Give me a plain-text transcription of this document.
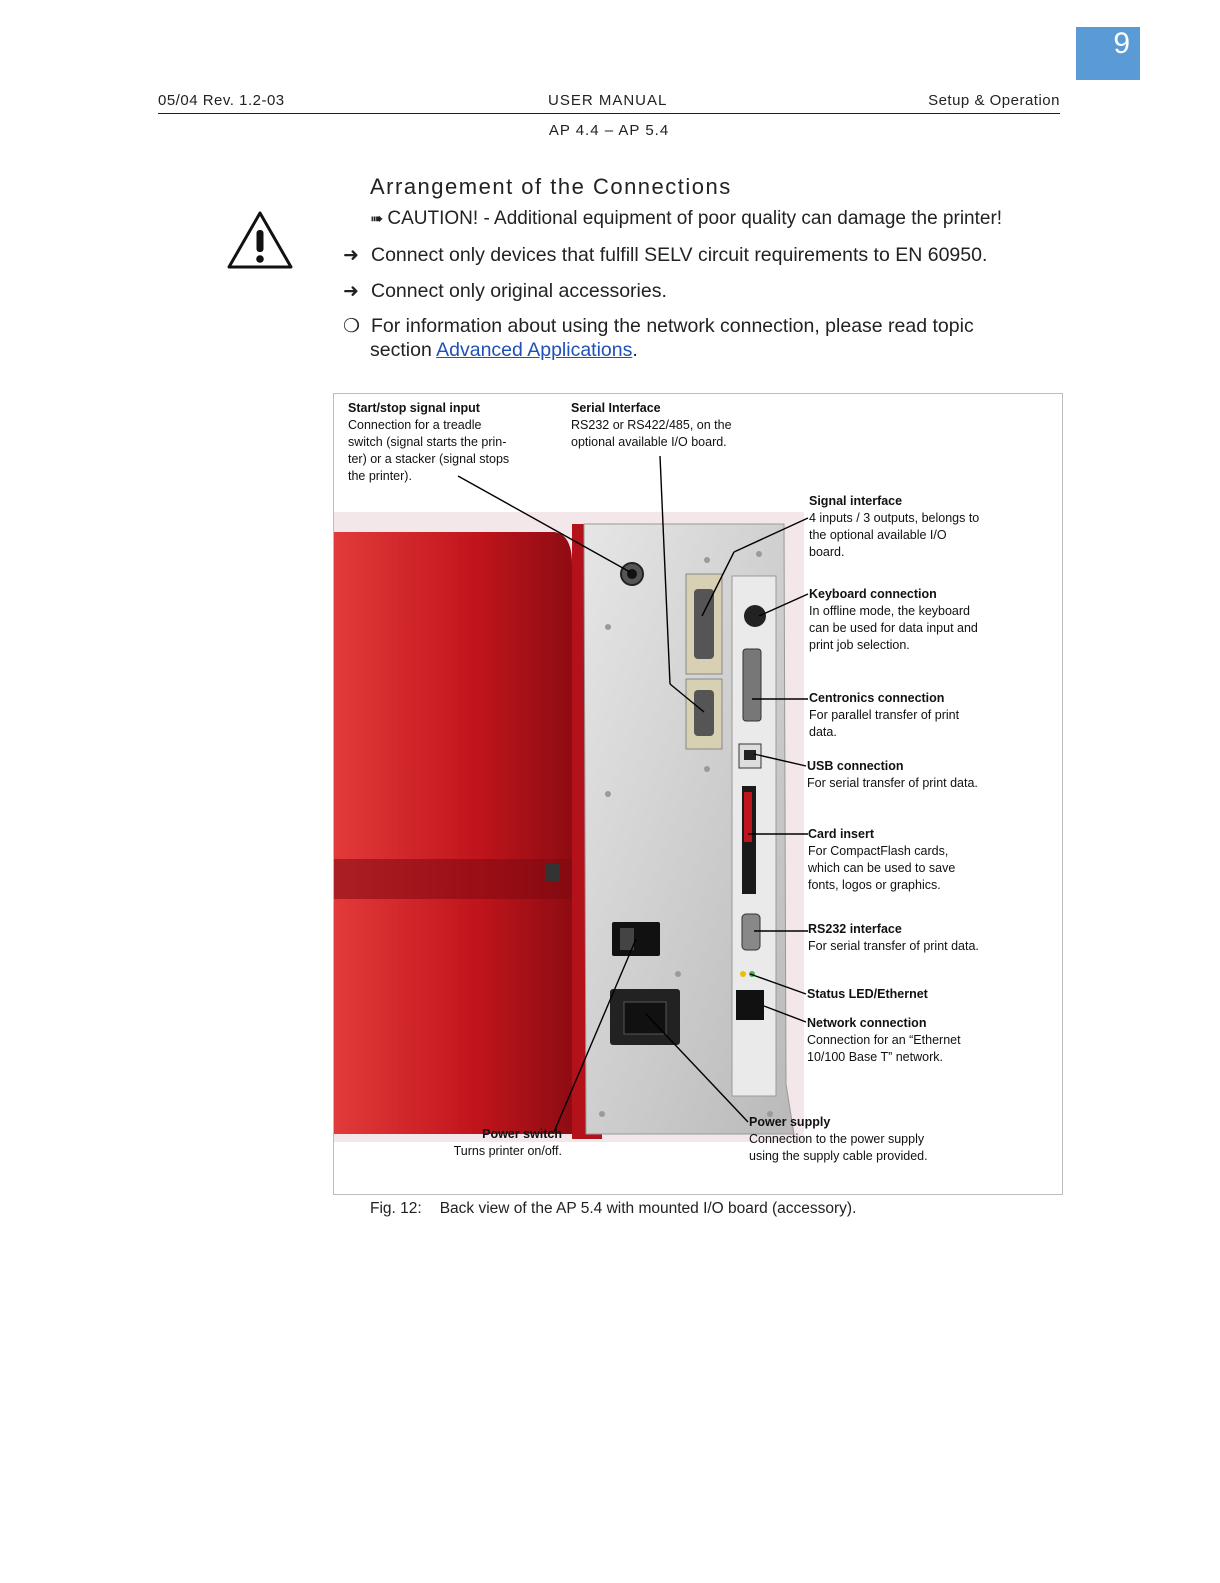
9
05/04 Rev. 1.2-03	USER MANUAL	Setup & Operation
AP 4.4 – AP 5.4
Arrangement of the Connections
➠ CAUTION! - Additional equipment of poor quality can damage the printer!
➜ Connect only devices that fulfill SELV circuit requirements to EN 60950.
➜ Connect only original accessories.
❍ For information about using the network connection, please read topic
section Advanced Applications.
Start/stop signal input
Connection for a treadle
switch (signal starts the prin-
ter) or a stacker (signal stops
the printer).
Serial Interface
RS232 or RS422/485, on the
optional available I/O board.
Signal interface
4 inputs / 3 outputs, belongs to
the optional available I/O
board.
Keyboard connection
In offline mode, the keyboard
can be used for data input and
print job selection.
Centronics connection
For parallel transfer of print
data.
USB connection
For serial transfer of print data.
Card insert
For CompactFlash cards,
which can be used to save
fonts, logos or graphics.
RS232 interface
For serial transfer of print data.
Status LED/Ethernet
Network connection
Connection for an “Ethernet
10/100 Base T” network.
Power switch
Turns printer on/off.
Power supply
Connection to the power supply
using the supply cable provided.
Fig. 12: Back view of the AP 5.4 with mounted I/O board (accessory).
